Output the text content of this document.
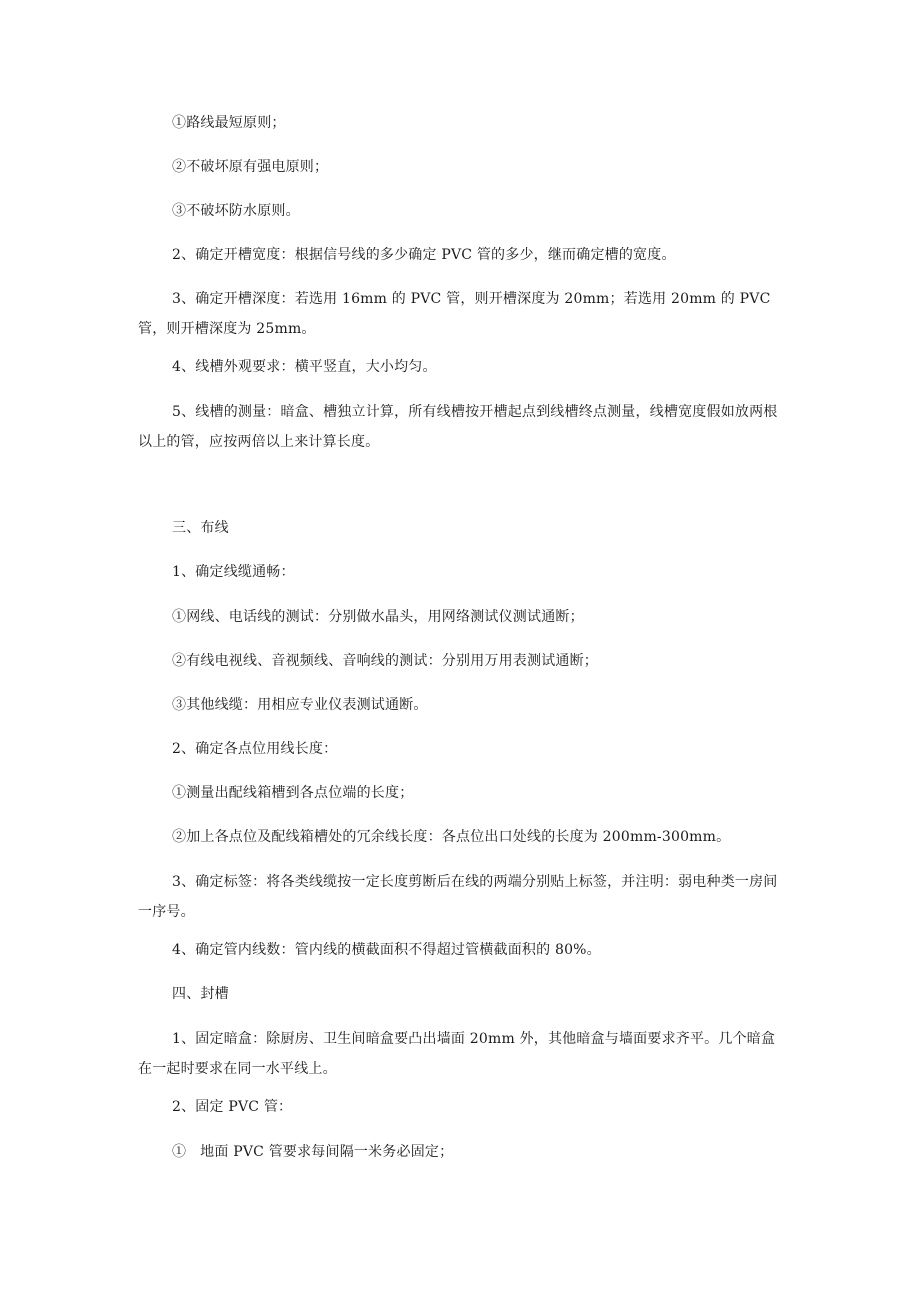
①路线最短原则；

②不破坏原有强电原则；

③不破坏防水原则。

2、确定开槽宽度：根据信号线的多少确定 PVC 管的多少，继而确定槽的宽度。

3、确定开槽深度：若选用 16mm 的 PVC 管，则开槽深度为 20mm；若选用 20mm 的 PVC 管，则开槽深度为 25mm。

4、线槽外观要求：横平竖直，大小均匀。

5、线槽的测量：暗盒、槽独立计算，所有线槽按开槽起点到线槽终点测量，线槽宽度假如放两根以上的管，应按两倍以上来计算长度。

三、布线

1、确定线缆通畅：

①网线、电话线的测试：分别做水晶头，用网络测试仪测试通断；

②有线电视线、音视频线、音响线的测试：分别用万用表测试通断；

③其他线缆：用相应专业仪表测试通断。

2、确定各点位用线长度：

①测量出配线箱槽到各点位端的长度；

②加上各点位及配线箱槽处的冗余线长度：各点位出口处线的长度为 200mm-300mm。

3、确定标签：将各类线缆按一定长度剪断后在线的两端分别贴上标签，并注明：弱电种类一房间一序号。

4、确定管内线数：管内线的横截面积不得超过管横截面积的 80%。

四、封槽

1、固定暗盒：除厨房、卫生间暗盒要凸出墙面 20mm 外，其他暗盒与墙面要求齐平。几个暗盒在一起时要求在同一水平线上。

2、固定 PVC 管：

①   地面 PVC 管要求每间隔一米务必固定；
